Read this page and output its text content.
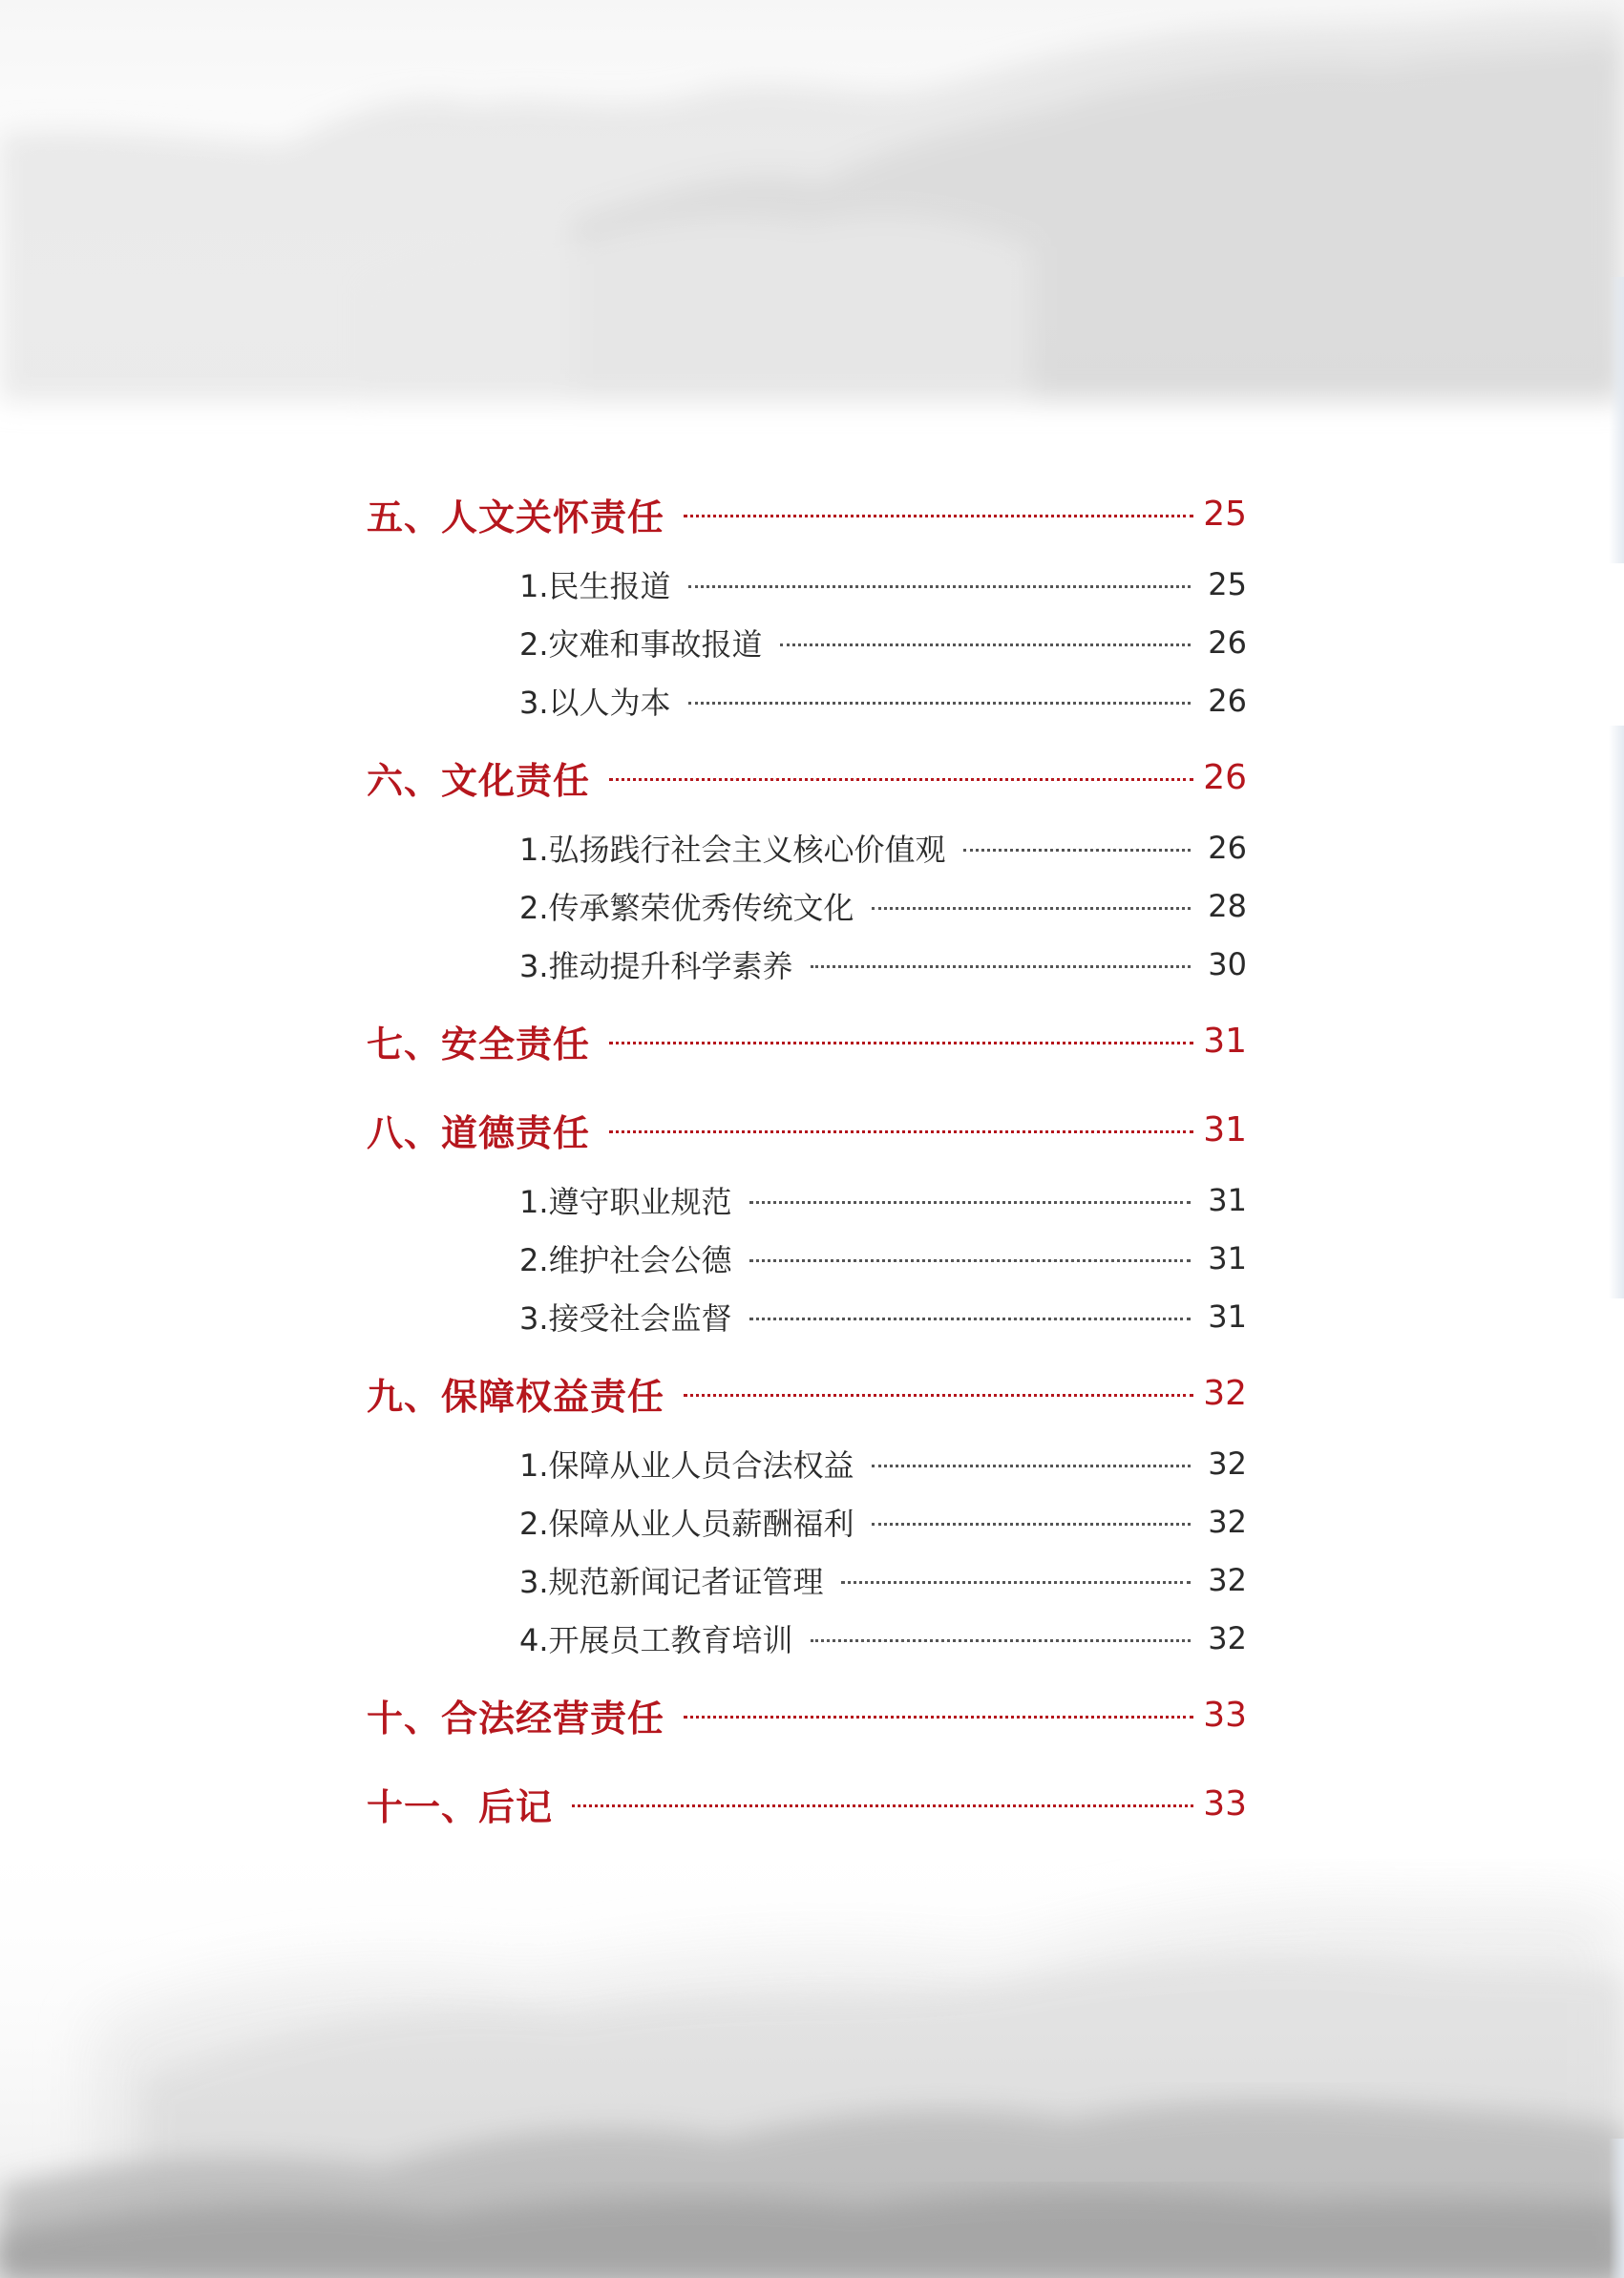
五、人文关怀责任	25
1.民生报道	25
2.灾难和事故报道	26
3.以人为本	26
六、文化责任	26
1.弘扬践行社会主义核心价值观	26
2.传承繁荣优秀传统文化	28
3.推动提升科学素养	30
七、安全责任	31
八、道德责任	31
1.遵守职业规范	31
2.维护社会公德	31
3.接受社会监督	31
九、保障权益责任	32
1.保障从业人员合法权益	32
2.保障从业人员薪酬福利	32
3.规范新闻记者证管理	32
4.开展员工教育培训	32
十、合法经营责任	33
十一、后记	33
